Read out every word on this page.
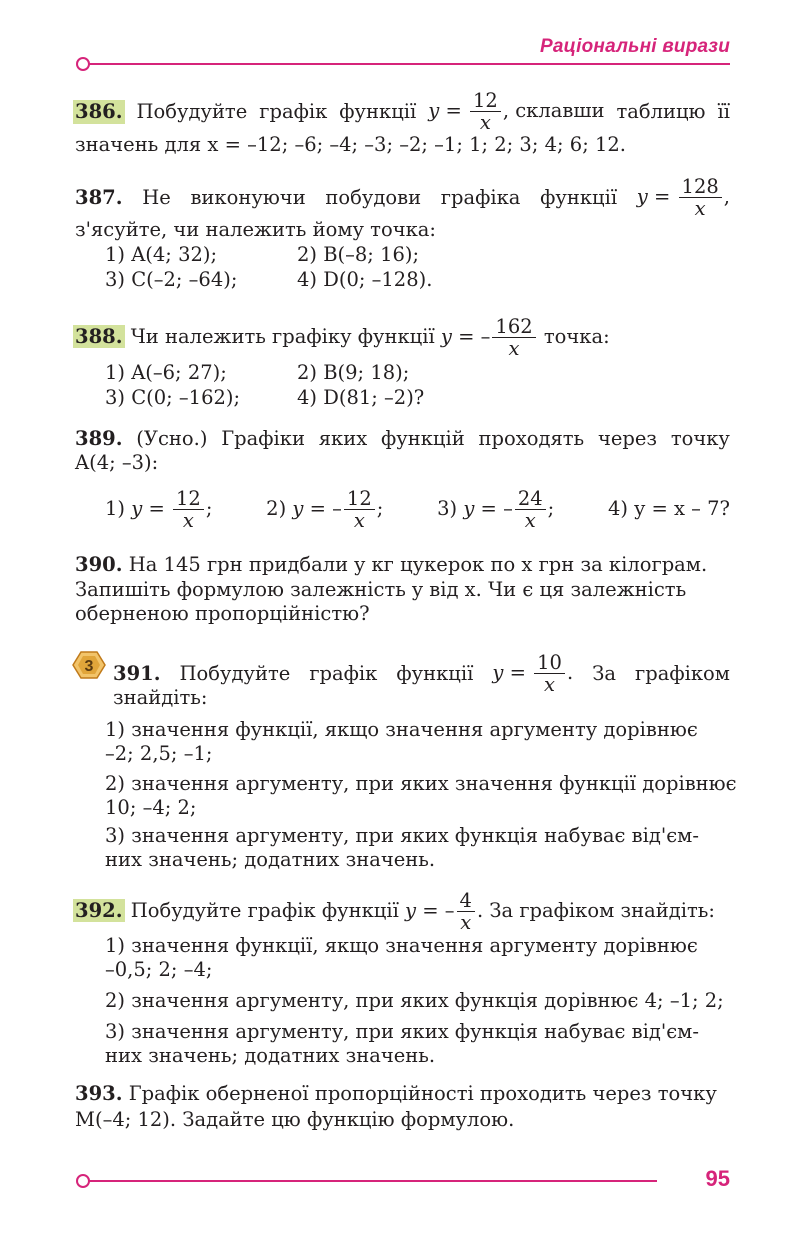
Раціональні вирази
386. Побудуйте графік функції $y = \frac{12}{x}$ , склавши таблицю її
значень для x = –12; –6; –4; –3; –2; –1; 1; 2; 3; 4; 6; 12.
387. Не виконуючи побудови графіка функції $y = \frac{128}{x}$ ,
з'ясуйте, чи належить йому точка:
1) A(4; 32);	2) B(–8; 16);
3) C(–2; –64);	4) D(0; –128).
388. Чи належить графіку функції y = – $\frac{162}{x}$ точка:
1) A(–6; 27);	2) B(9; 18);
3) C(0; –162);	4) D(81; –2)?
389. (Усно.) Графіки яких функцій проходять через точку
A(4; –3):
1) $y = \frac{12}{x}$ ;	2) y = – $\frac{12}{x}$ ;	3) y = – $\frac{24}{x}$ ;	4) y = x – 7?
390. На 145 грн придбали y кг цукерок по x грн за кілограм.
Запишіть формулою залежність y від x. Чи є ця залежність
оберненою пропорційністю?
3 391. Побудуйте графік функції $y = \frac{10}{x}$ . За графіком
знайдіть:
1) значення функції, якщо значення аргументу дорівнює
–2; 2,5; –1;
2) значення аргументу, при яких значення функції дорівнює
10; –4; 2;
3) значення аргументу, при яких функція набуває від'єм-
них значень; додатних значень.
392. Побудуйте графік функції y = – $\frac{4}{x}$ . За графіком знайдіть:
1) значення функції, якщо значення аргументу дорівнює
–0,5; 2; –4;
2) значення аргументу, при яких функція дорівнює 4; –1; 2;
3) значення аргументу, при яких функція набуває від'єм-
них значень; додатних значень.
393. Графік оберненої пропорційності проходить через точку
M(–4; 12). Задайте цю функцію формулою.
95
